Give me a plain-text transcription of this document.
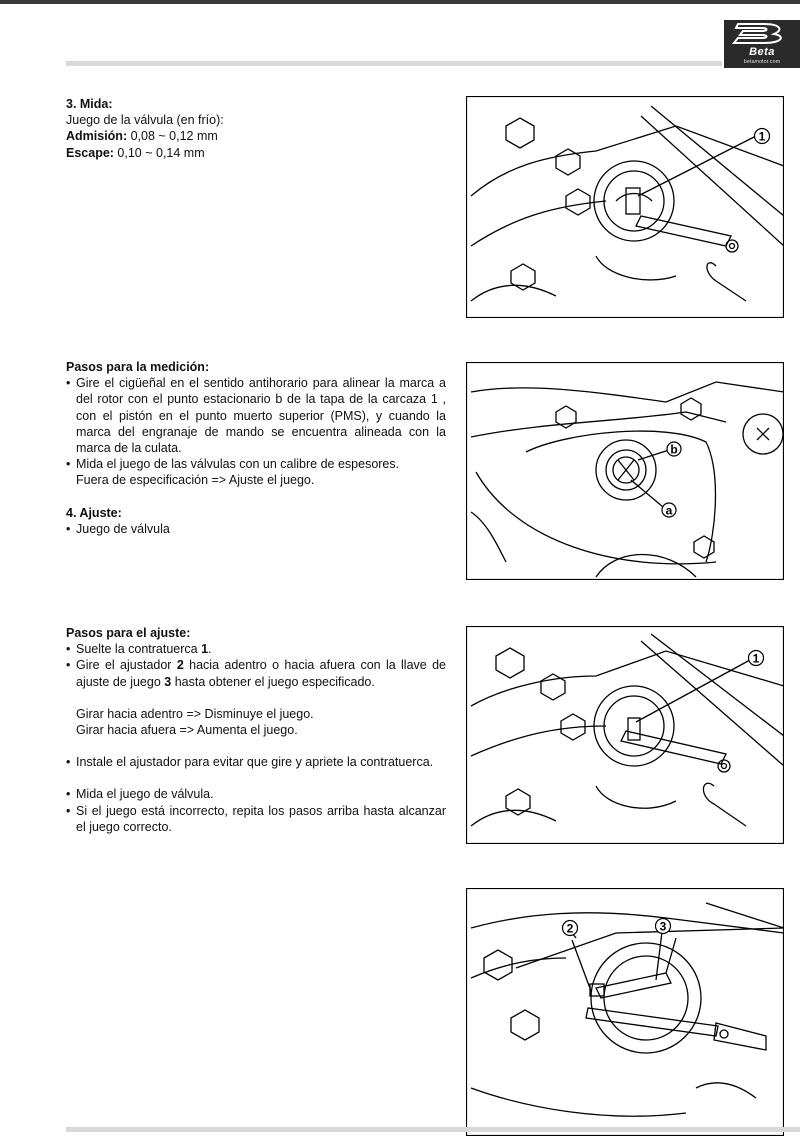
Beta
betamotor.com

3. Mida:

Juego de la válvula (en frío):

Admisión: 0,08 ~ 0,12 mm

Escape: 0,10 ~ 0,14 mm

Pasos para la medición:

• Gire el cigüeñal en el sentido antihorario para alinear la marca a del rotor con el punto estacionario b de la tapa de la carcaza 1 , con el pistón en el punto muerto superior (PMS), y cuando la marca del engranaje de mando se encuentra alineada con la marca de la culata.

• Mida el juego de las válvulas con un calibre de espesores.

Fuera de especificación => Ajuste el juego.

4. Ajuste:

• Juego de válvula

Pasos para el ajuste:

• Suelte la contratuerca 1.

• Gire el ajustador 2 hacia adentro o hacia afuera con la llave de ajuste de juego 3 hasta obtener el juego especificado.

Girar hacia adentro => Disminuye el juego.

Girar hacia afuera => Aumenta el juego.

• Instale el ajustador para evitar que gire y apriete la contratuerca.

• Mida el juego de válvula.

• Si el juego está incorrecto, repita los pasos arriba hasta alcanzar el juego correcto.

1
b
a
1
2	3
